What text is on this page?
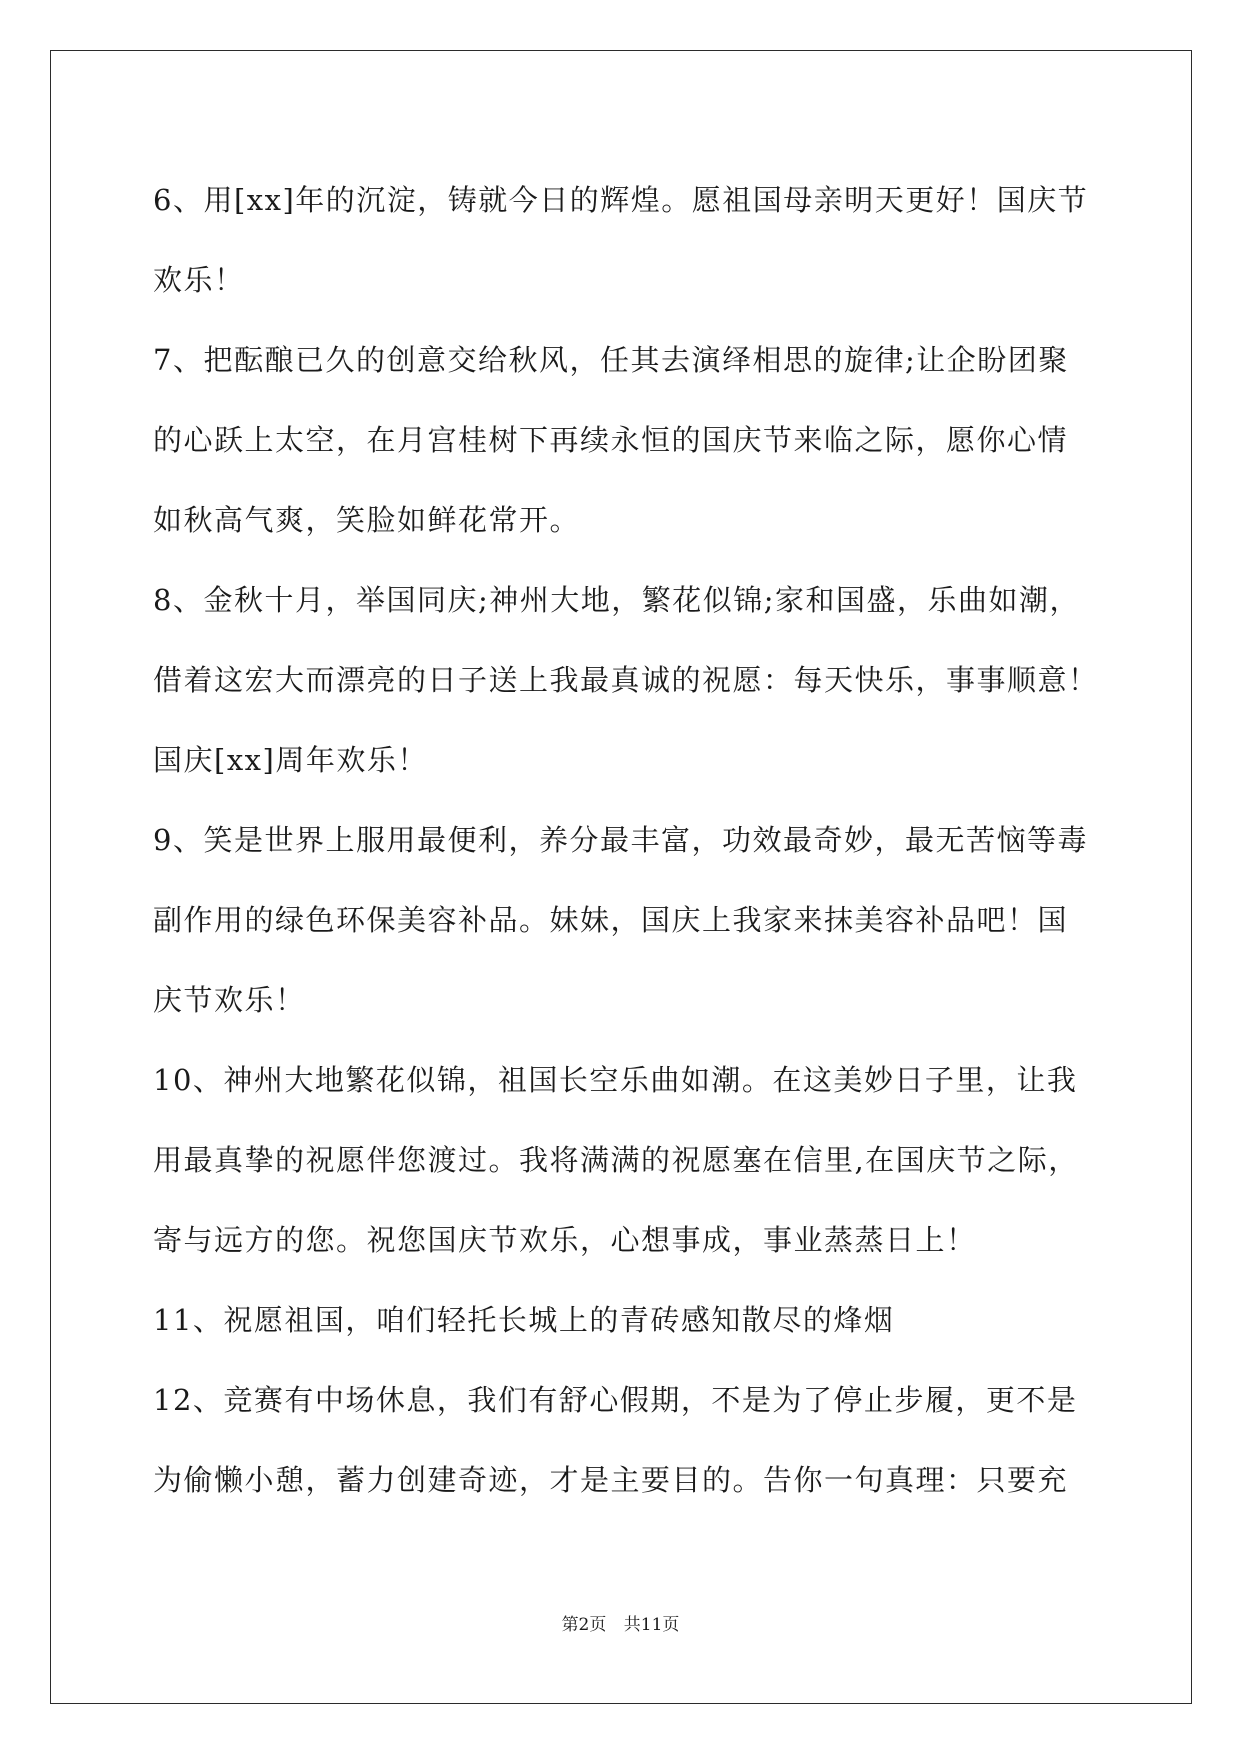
6、用[xx]年的沉淀，铸就今日的辉煌。愿祖国母亲明天更好！国庆节
欢乐！
7、把酝酿已久的创意交给秋风，任其去演绎相思的旋律;让企盼团聚
的心跃上太空，在月宫桂树下再续永恒的国庆节来临之际，愿你心情
如秋高气爽，笑脸如鲜花常开。
8、金秋十月，举国同庆;神州大地，繁花似锦;家和国盛，乐曲如潮，
借着这宏大而漂亮的日子送上我最真诚的祝愿：每天快乐，事事顺意！
国庆[xx]周年欢乐！
9、笑是世界上服用最便利，养分最丰富，功效最奇妙，最无苦恼等毒
副作用的绿色环保美容补品。妹妹，国庆上我家来抹美容补品吧！国
庆节欢乐！
10、神州大地繁花似锦，祖国长空乐曲如潮。在这美妙日子里，让我
用最真挚的祝愿伴您渡过。我将满满的祝愿塞在信里,在国庆节之际，
寄与远方的您。祝您国庆节欢乐，心想事成，事业蒸蒸日上！
11、祝愿祖国，咱们轻托长城上的青砖感知散尽的烽烟
12、竞赛有中场休息，我们有舒心假期，不是为了停止步履，更不是
为偷懒小憩，蓄力创建奇迹，才是主要目的。告你一句真理：只要充
第2页 共11页
